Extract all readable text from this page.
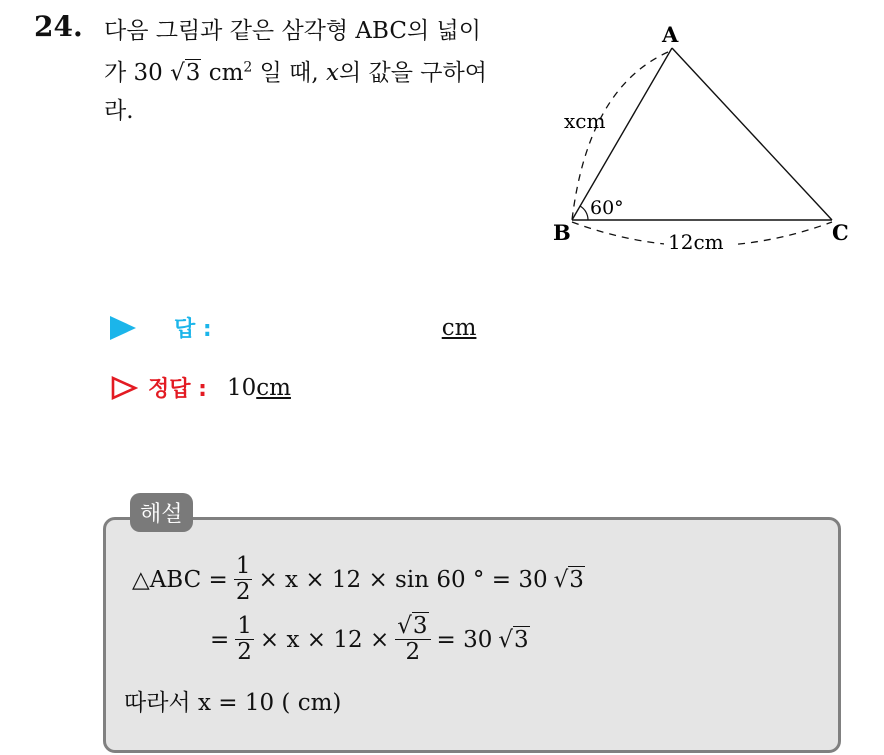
24. 다음 그림과 같은 삼각형 ABC의 넓이
가 30 √3 $cm^2$ 일 때, x의 값을 구하여
라.
A
B	C
xcm
12cm
60°
답 :	cm
정답 : 10 cm
해설
△ABC = $\frac{1}{2} \times x \times 12 \times \sin 60$ ° = 30 √ 3
= $\frac{1}{2} \times x \times 12 \times \frac{√3}{2} = 30$ √ 3
따라서 x = 10 ( cm)
